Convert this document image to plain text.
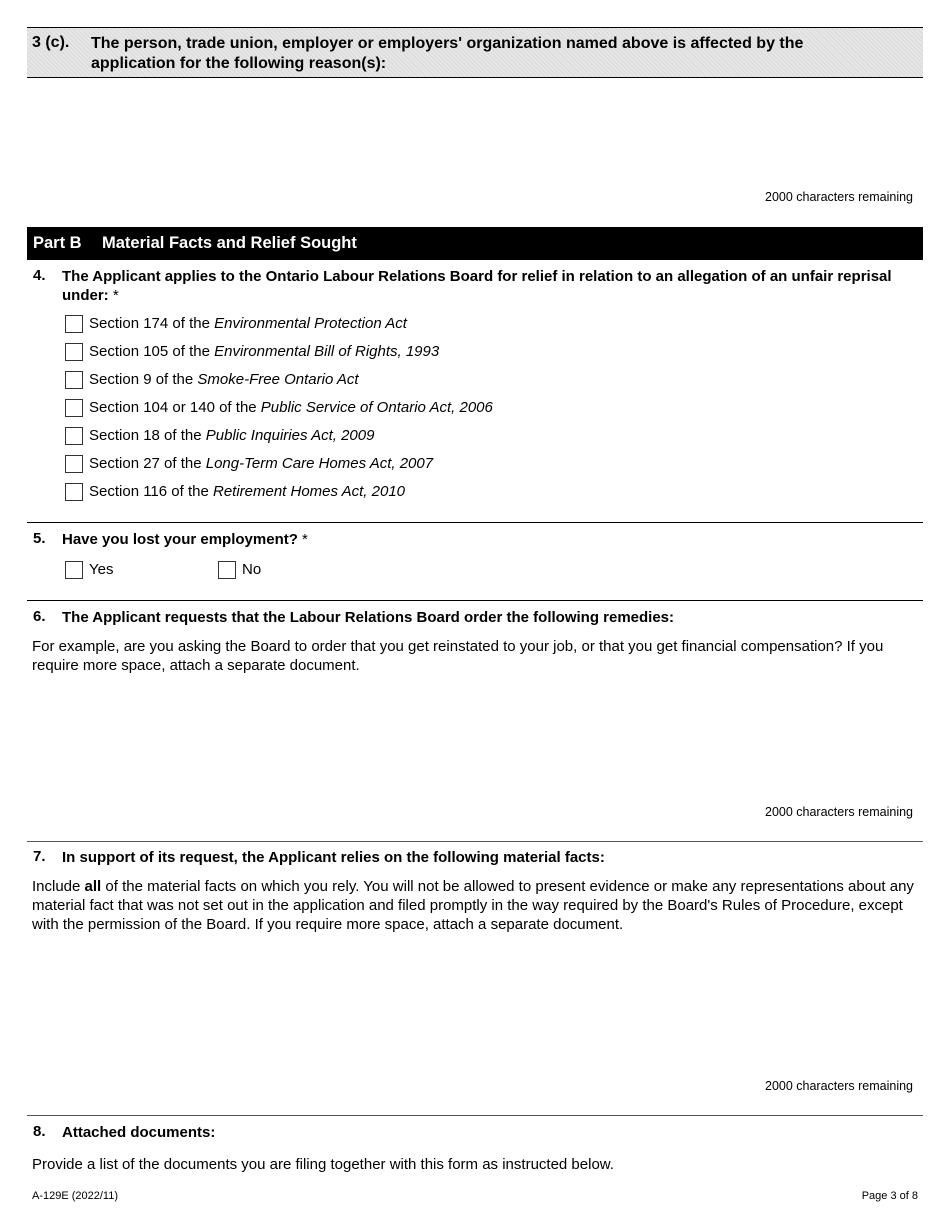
3 (c). The person, trade union, employer or employers' organization named above is affected by the application for the following reason(s):
2000 characters remaining
Part B Material Facts and Relief Sought
4. The Applicant applies to the Ontario Labour Relations Board for relief in relation to an allegation of an unfair reprisal under: *
Section 174 of the Environmental Protection Act
Section 105 of the Environmental Bill of Rights, 1993
Section 9 of the Smoke-Free Ontario Act
Section 104 or 140 of the Public Service of Ontario Act, 2006
Section 18 of the Public Inquiries Act, 2009
Section 27 of the Long-Term Care Homes Act, 2007
Section 116 of the Retirement Homes Act, 2010
5. Have you lost your employment? *
Yes	No
6. The Applicant requests that the Labour Relations Board order the following remedies:
For example, are you asking the Board to order that you get reinstated to your job, or that you get financial compensation? If you require more space, attach a separate document.
2000 characters remaining
7. In support of its request, the Applicant relies on the following material facts:
Include all of the material facts on which you rely. You will not be allowed to present evidence or make any representations about any material fact that was not set out in the application and filed promptly in the way required by the Board's Rules of Procedure, except with the permission of the Board. If you require more space, attach a separate document.
2000 characters remaining
8. Attached documents:
Provide a list of the documents you are filing together with this form as instructed below.
A-129E (2022/11)	Page 3 of 8
